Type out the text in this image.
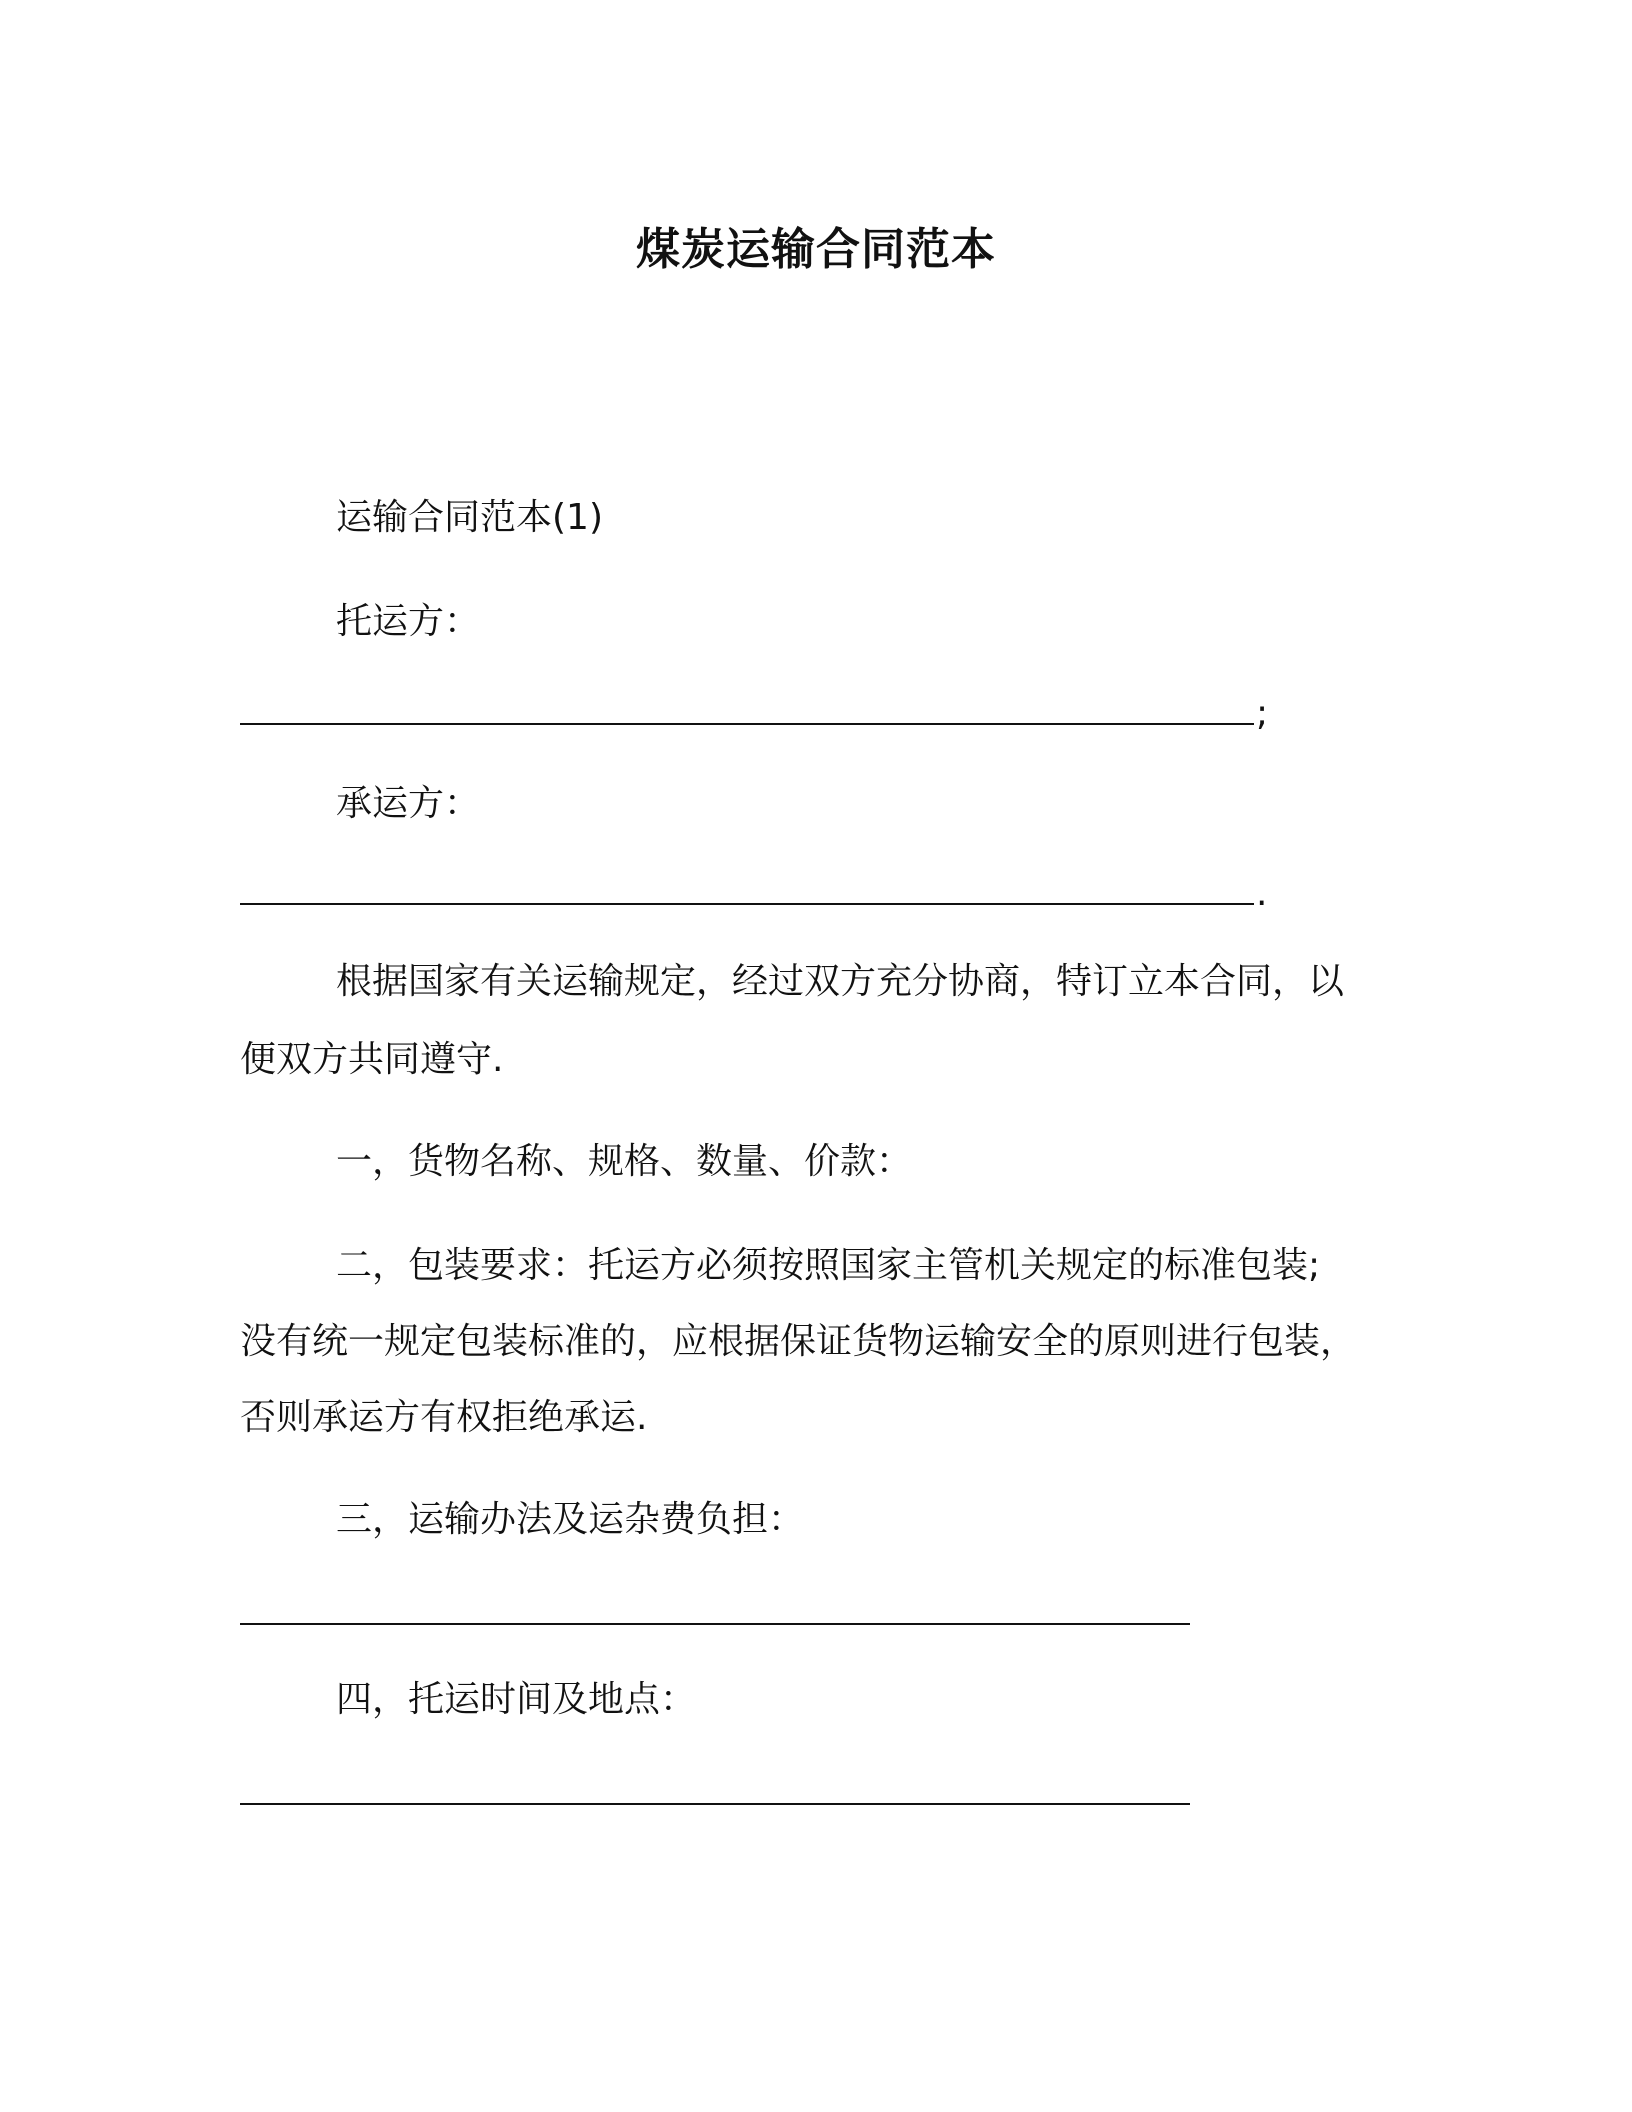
煤炭运输合同范本
运输合同范本(1)
托运方：
;
承运方：
.
根据国家有关运输规定，经过双方充分协商，特订立本合同，以
便双方共同遵守.
一，货物名称、规格、数量、价款：
二，包装要求：托运方必须按照国家主管机关规定的标准包装;
没有统一规定包装标准的，应根据保证货物运输安全的原则进行包装，
否则承运方有权拒绝承运.
三，运输办法及运杂费负担：
四，托运时间及地点：
